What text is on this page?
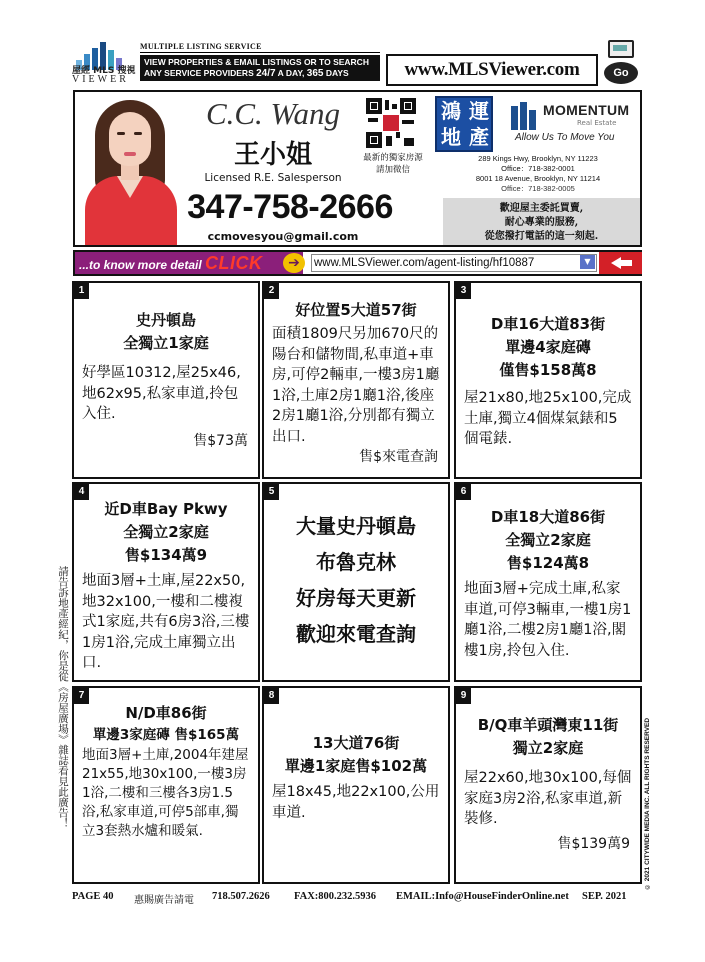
屋經 MLS 搜視
VIEWER
MULTIPLE LISTING SERVICE
VIEW PROPERTIES & EMAIL LISTINGS OR TO SEARCH
ANY SERVICE PROVIDERS 24/7 A DAY, 365 DAYS	www.MLSViewer.com	Go
C.C. Wang
王小姐
Licensed R.E. Salesperson
347-758-2666
ccmovesyou@gmail.com
最新的獨家房源
請加微信
鴻 運
地 產
MOMENTUM
Real Estate
Allow Us To Move You
289 Kings Hwy, Brooklyn, NY 11223
Office：718-382-0001
8001 18 Avenue, Brooklyn, NY 11214
Office：718-382-0005
歡迎屋主委託買賣,
耐心專業的服務,
從您撥打電話的這一刻起.
...to know more detail CLICK	➔	www.MLSViewer.com/agent-listing/hf10887	▼
1
史丹頓島
全獨立1家庭
好學區10312,屋25x46,地62x95,私家車道,拎包入住.
售$73萬
2
好位置5大道57街
面積1809尺另加670尺的陽台和儲物間,私車道+車房,可停2輛車,一樓3房1廳1浴,土庫2房1廳1浴,後座2房1廳1浴,分別都有獨立出口.
售$來電查詢
3
D車16大道83街
單邊4家庭磚
僅售$158萬8
屋21x80,地25x100,完成土庫,獨立4個煤氣錶和5個電錶.
4
近D車Bay Pkwy
全獨立2家庭
售$134萬9
地面3層+土庫,屋22x50,地32x100,一樓和二樓複式1家庭,共有6房3浴,三樓1房1浴,完成土庫獨立出口.
5
大量史丹頓島
布魯克林
好房每天更新
歡迎來電查詢
6
D車18大道86街
全獨立2家庭
售$124萬8
地面3層+完成土庫,私家車道,可停3輛車,一樓1房1廳1浴,二樓2房1廳1浴,閣樓1房,拎包入住.
7
N/D車86街
單邊3家庭磚 售$165萬
地面3層+土庫,2004年建屋21x55,地30x100,一樓3房1浴,二樓和三樓各3房1.5浴,私家車道,可停5部車,獨立3套熱水爐和暖氣.
8
13大道76街
單邊1家庭售$102萬
屋18x45,地22x100,公用車道.
9
B/Q車羊頭灣東11街
獨立2家庭
屋22x60,地30x100,每個家庭3房2浴,私家車道,新裝修.
售$139萬9
請告訴地產經紀，你是從《房屋廣場》雜誌看見此廣告！	© 2021 CITYWIDE MEDIA INC. ALL RIGHTS RESERVED
PAGE 40 惠賜廣告請電 718.507.2626 FAX:800.232.5936 EMAIL:Info@HouseFinderOnline.net SEP. 2021
